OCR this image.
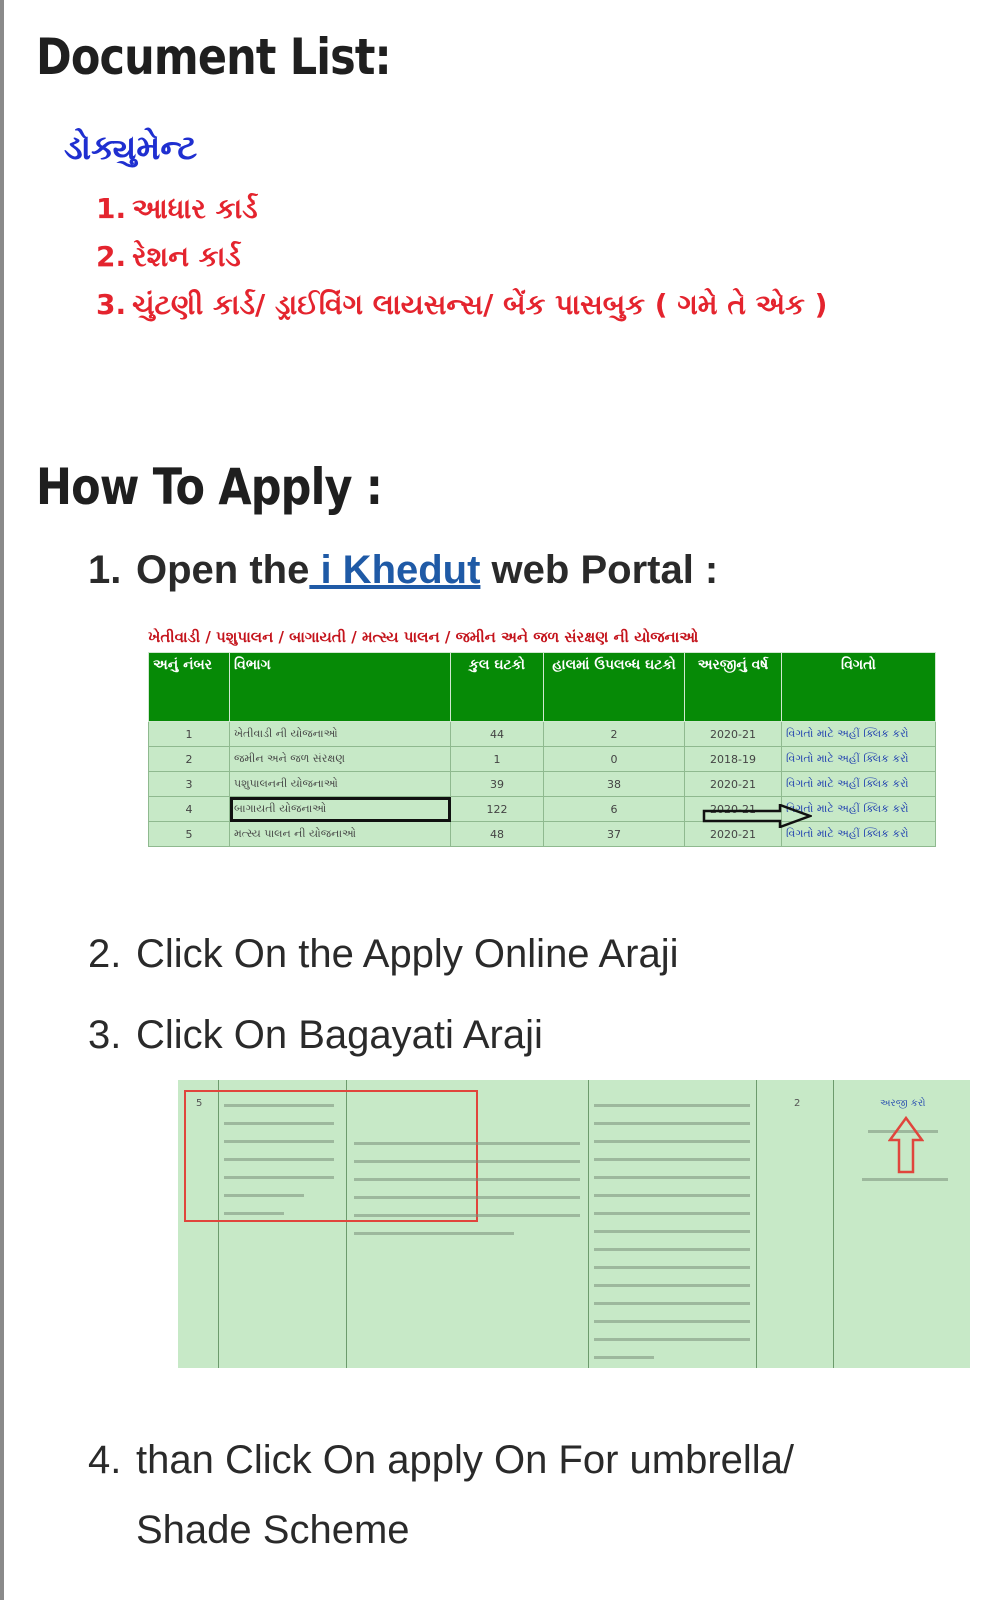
Document List:
ડોક્યુમેન્ટ
1. આધાર કાર્ડ
2. રેશન કાર્ડ
3. ચુંટણી કાર્ડ/ ડ્રાઈવિંગ લાયસન્સ/ બેંક પાસબુક ( ગમે તે એક )
How To Apply :
1. Open the i Khedut web Portal :
2. Click On the Apply Online Araji
3. Click On Bagayati Araji
4. than Click On apply On For umbrella/
Shade Scheme
ખેતીવાડી / પશુપાલન / બાગાયતી / મત્સ્ય પાલન / જમીન અને જળ સંરક્ષણ ની યોજનાઓ
અનું નંબર	વિભાગ	કુલ ઘટકો	હાલમાં ઉપલબ્ધ ઘટકો	અરજીનું વર્ષ	વિગતો
1	ખેતીવાડી ની યોજનાઓ	44	2	2020-21	વિગતો માટે અહીં ક્લિક કરો
2	જમીન અને જળ સંરક્ષણ	1	0	2018-19	વિગતો માટે અહીં ક્લિક કરો
3	પશુપાલનની યોજનાઓ	39	38	2020-21	વિગતો માટે અહીં ક્લિક કરો
4	બાગાયતી યોજનાઓ	122	6	2020-21	વિગતો માટે અહીં ક્લિક કરો
5	મત્સ્ય પાલન ની યોજનાઓ	48	37	2020-21	વિગતો માટે અહીં ક્લિક કરો
5	2	અરજી કરો
